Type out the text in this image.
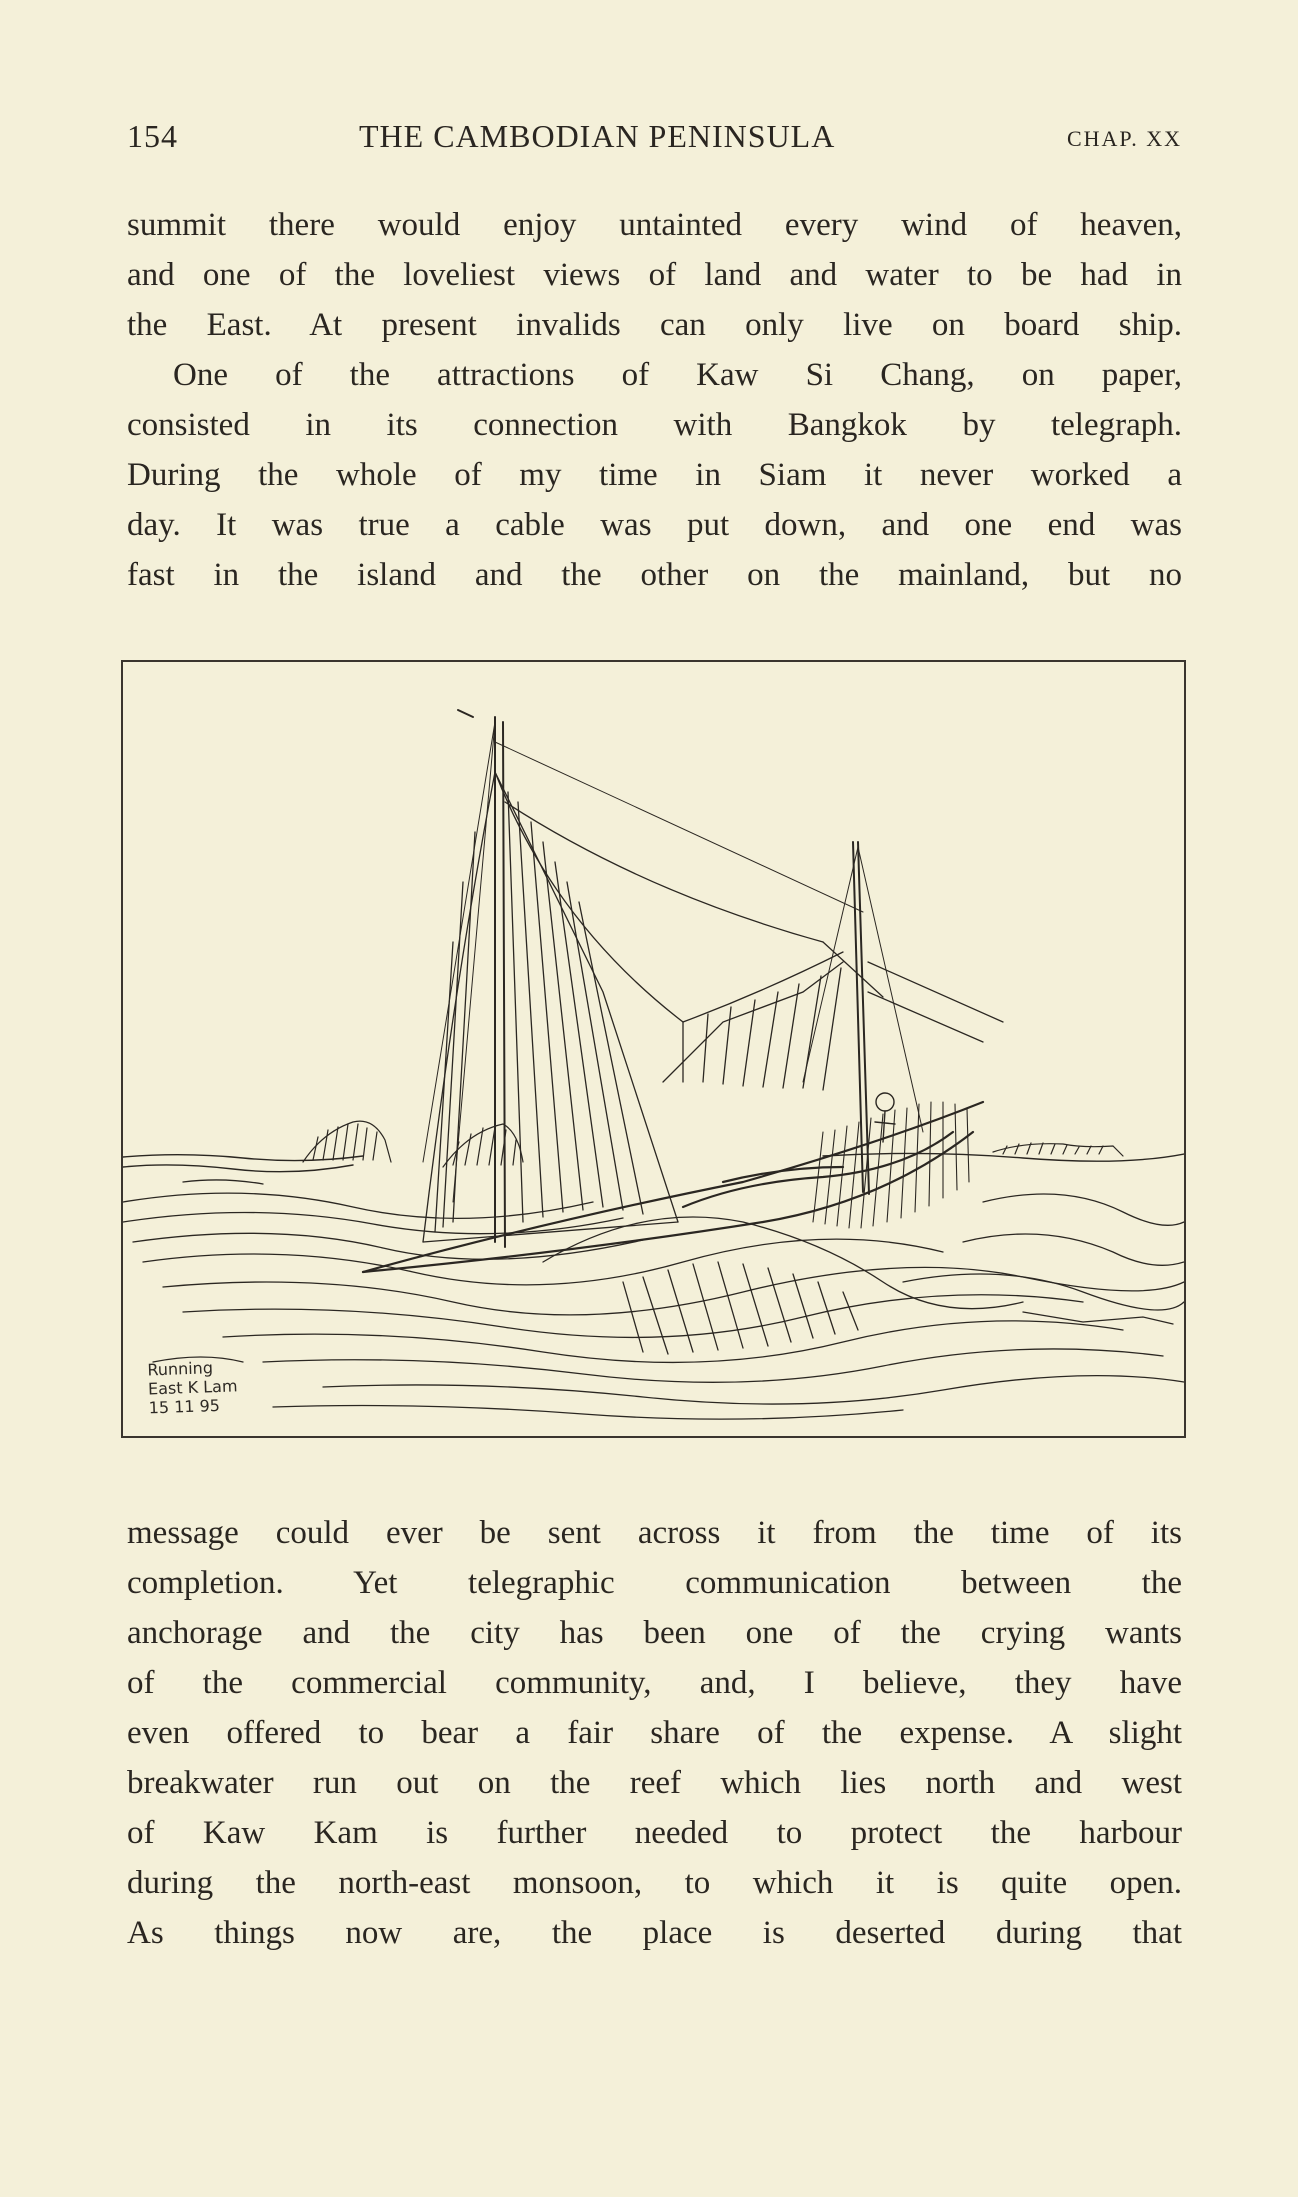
154	THE CAMBODIAN PENINSULA	CHAP. XX
summit there would enjoy untainted every wind of heaven,
and one of the loveliest views of land and water to be had in
the East. At present invalids can only live on board ship.
One of the attractions of Kaw Si Chang, on paper,
consisted in its connection with Bangkok by telegraph.
During the whole of my time in Siam it never worked a
day. It was true a cable was put down, and one end was
fast in the island and the other on the mainland, but no
Running
East K Lam
15 11 95
message could ever be sent across it from the time of its
completion. Yet telegraphic communication between the
anchorage and the city has been one of the crying wants
of the commercial community, and, I believe, they have
even offered to bear a fair share of the expense. A slight
breakwater run out on the reef which lies north and west
of Kaw Kam is further needed to protect the harbour
during the north-east monsoon, to which it is quite open.
As things now are, the place is deserted during that
